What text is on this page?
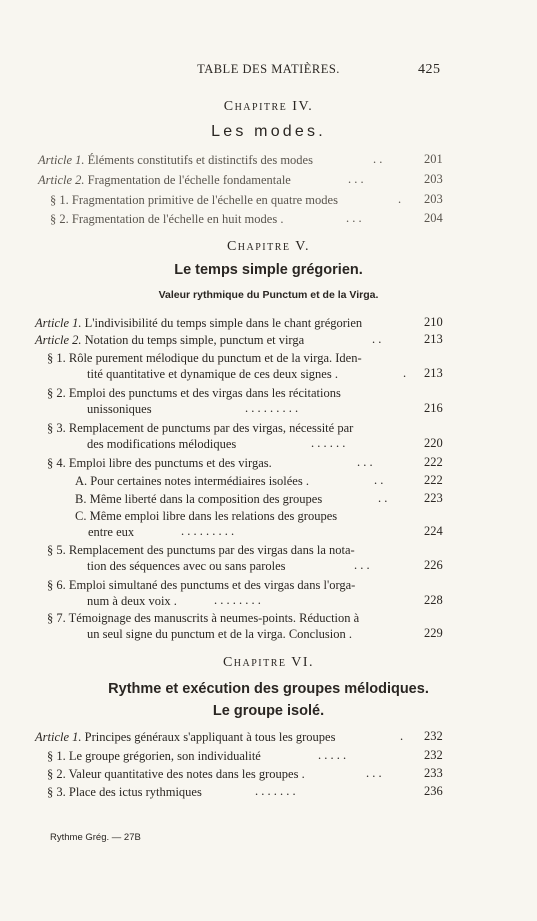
TABLE DES MATIÈRES.	425
Chapitre IV.
Les modes.
Article 1. Éléments constitutifs et distinctifs des modes	. .	201
Article 2. Fragmentation de l'échelle fondamentale	. . .	203
§ 1. Fragmentation primitive de l'échelle en quatre modes	. 203
§ 2. Fragmentation de l'échelle en huit modes .	. . .	204
Chapitre V.
Le temps simple grégorien.
Valeur rythmique du Punctum et de la Virga.
Article 1. L'indivisibilité du temps simple dans le chant grégorien	210
Article 2. Notation du temps simple, punctum et virga	. .	213
§ 1. Rôle purement mélodique du punctum et de la virga. Iden-
tité quantitative et dynamique de ces deux signes .	. 213
§ 2. Emploi des punctums et des virgas dans les récitations
unissoniques	. . . . . . . . .	216
§ 3. Remplacement de punctums par des virgas, nécessité par
des modifications mélodiques	. . . . . .	220
§ 4. Emploi libre des punctums et des virgas.	. . .	222
A. Pour certaines notes intermédiaires isolées .	. .	222
B. Même liberté dans la composition des groupes	. .	223
C. Même emploi libre dans les relations des groupes
entre eux	. . . . . . . . .	224
§ 5. Remplacement des punctums par des virgas dans la nota-
tion des séquences avec ou sans paroles	. . .	226
§ 6. Emploi simultané des punctums et des virgas dans l'orga-
num à deux voix .	. . . . . . . .	228
§ 7. Témoignage des manuscrits à neumes-points. Réduction à
un seul signe du punctum et de la virga. Conclusion .	229
Chapitre VI.
Rythme et exécution des groupes mélodiques.
Le groupe isolé.
Article 1. Principes généraux s'appliquant à tous les groupes	. 232
§ 1. Le groupe grégorien, son individualité	. . . . .	232
§ 2. Valeur quantitative des notes dans les groupes .	. . .	233
§ 3. Place des ictus rythmiques	. . . . . . .	236
Rythme Grég. — 27B
